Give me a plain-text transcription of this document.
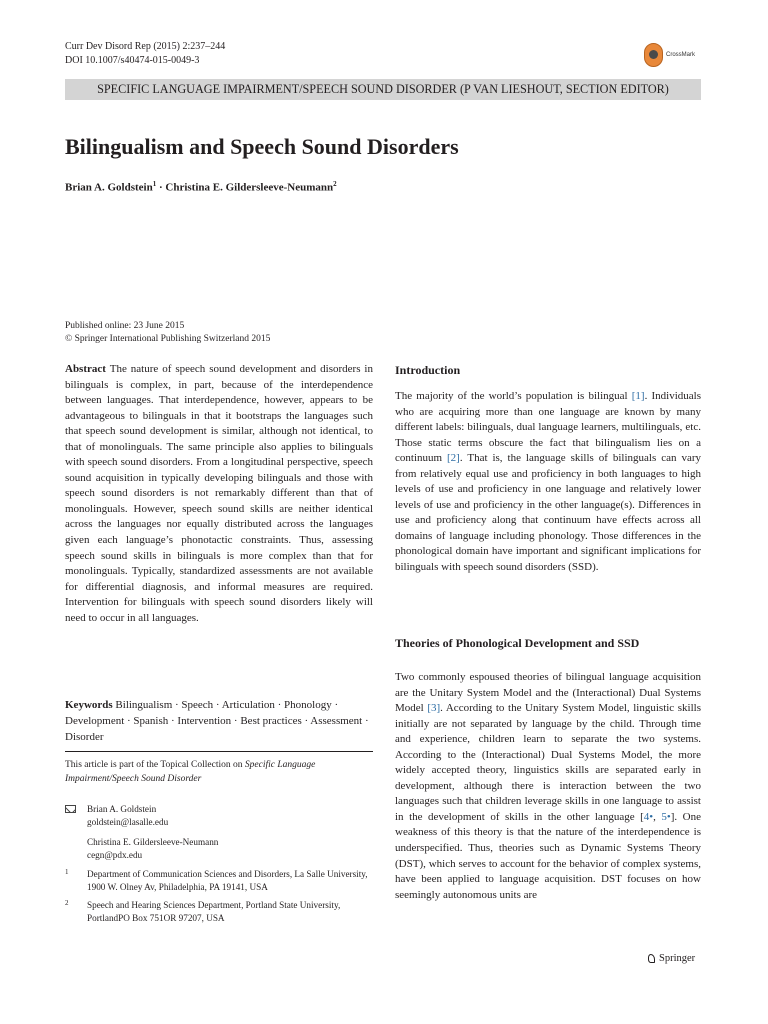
Curr Dev Disord Rep (2015) 2:237–244
DOI 10.1007/s40474-015-0049-3	CrossMark
SPECIFIC LANGUAGE IMPAIRMENT/SPEECH SOUND DISORDER (P VAN LIESHOUT, SECTION EDITOR)
Bilingualism and Speech Sound Disorders
Brian A. Goldstein$^1$ · Christina E. Gildersleeve-Neumann$^2$
Published online: 23 June 2015
© Springer International Publishing Switzerland 2015
Abstract The nature of speech sound development and disorders in bilinguals is complex, in part, because of the interdependence between languages. That interdependence, however, appears to be advantageous to bilinguals in that it bootstraps the languages such that speech sound development is similar, although not identical, to that of monolinguals. The same principle also applies to bilinguals with speech sound disorders. From a longitudinal perspective, speech sound acquisition in typically developing bilinguals and those with speech sound disorders is not remarkably different than that of monolinguals. However, speech sound skills are neither identical across the languages nor equally distributed across the languages given each language’s phonotactic constraints. Thus, assessing speech sound skills in bilinguals is more complex than that for monolinguals. Typically, standardized assessments are not available for differential diagnosis, and informal measures are required. Intervention for bilinguals with speech sound disorders likely will need to occur in all languages.
Keywords Bilingualism · Speech · Articulation · Phonology · Development · Spanish · Intervention · Best practices · Assessment · Disorder
This article is part of the Topical Collection on Specific Language Impairment/Speech Sound Disorder
Brian A. Goldstein
goldstein@lasalle.edu
Christina E. Gildersleeve-Neumann
cegn@pdx.edu
1 Department of Communication Sciences and Disorders, La Salle University, 1900 W. Olney Av, Philadelphia, PA 19141, USA
2 Speech and Hearing Sciences Department, Portland State University, PortlandPO Box 751OR 97207, USA
Introduction
The majority of the world’s population is bilingual [1]. Individuals who are acquiring more than one language are known by many different labels: bilinguals, dual language learners, multilinguals, etc. Those static terms obscure the fact that bilingualism lies on a continuum [2]. That is, the language skills of bilinguals can vary from relatively equal use and proficiency in both languages to high levels of use and proficiency in one language and relatively lower levels of use and proficiency in the other language(s). Differences in use and proficiency along that continuum have effects across all domains of language including phonology. Those differences in the phonological domain have important and significant implications for bilinguals with speech sound disorders (SSD).
Theories of Phonological Development and SSD
Two commonly espoused theories of bilingual language acquisition are the Unitary System Model and the (Interactional) Dual Systems Model [3]. According to the Unitary System Model, linguistic skills initially are not separated by language by the child. Through time and experience, children learn to separate the two systems. According to the (Interactional) Dual Systems Model, the more widely accepted theory, linguistics skills are separated early in development, although there is interaction between the two languages such that children leverage skills in one language to assist in the development of skills in the other language [4•, 5•]. One weakness of this theory is that the nature of the interdependence is underspecified. Thus, theories such as Dynamic Systems Theory (DST), which serves to account for the behavior of complex systems, have been applied to language acquisition. DST focuses on how seemingly autonomous units are
Springer
